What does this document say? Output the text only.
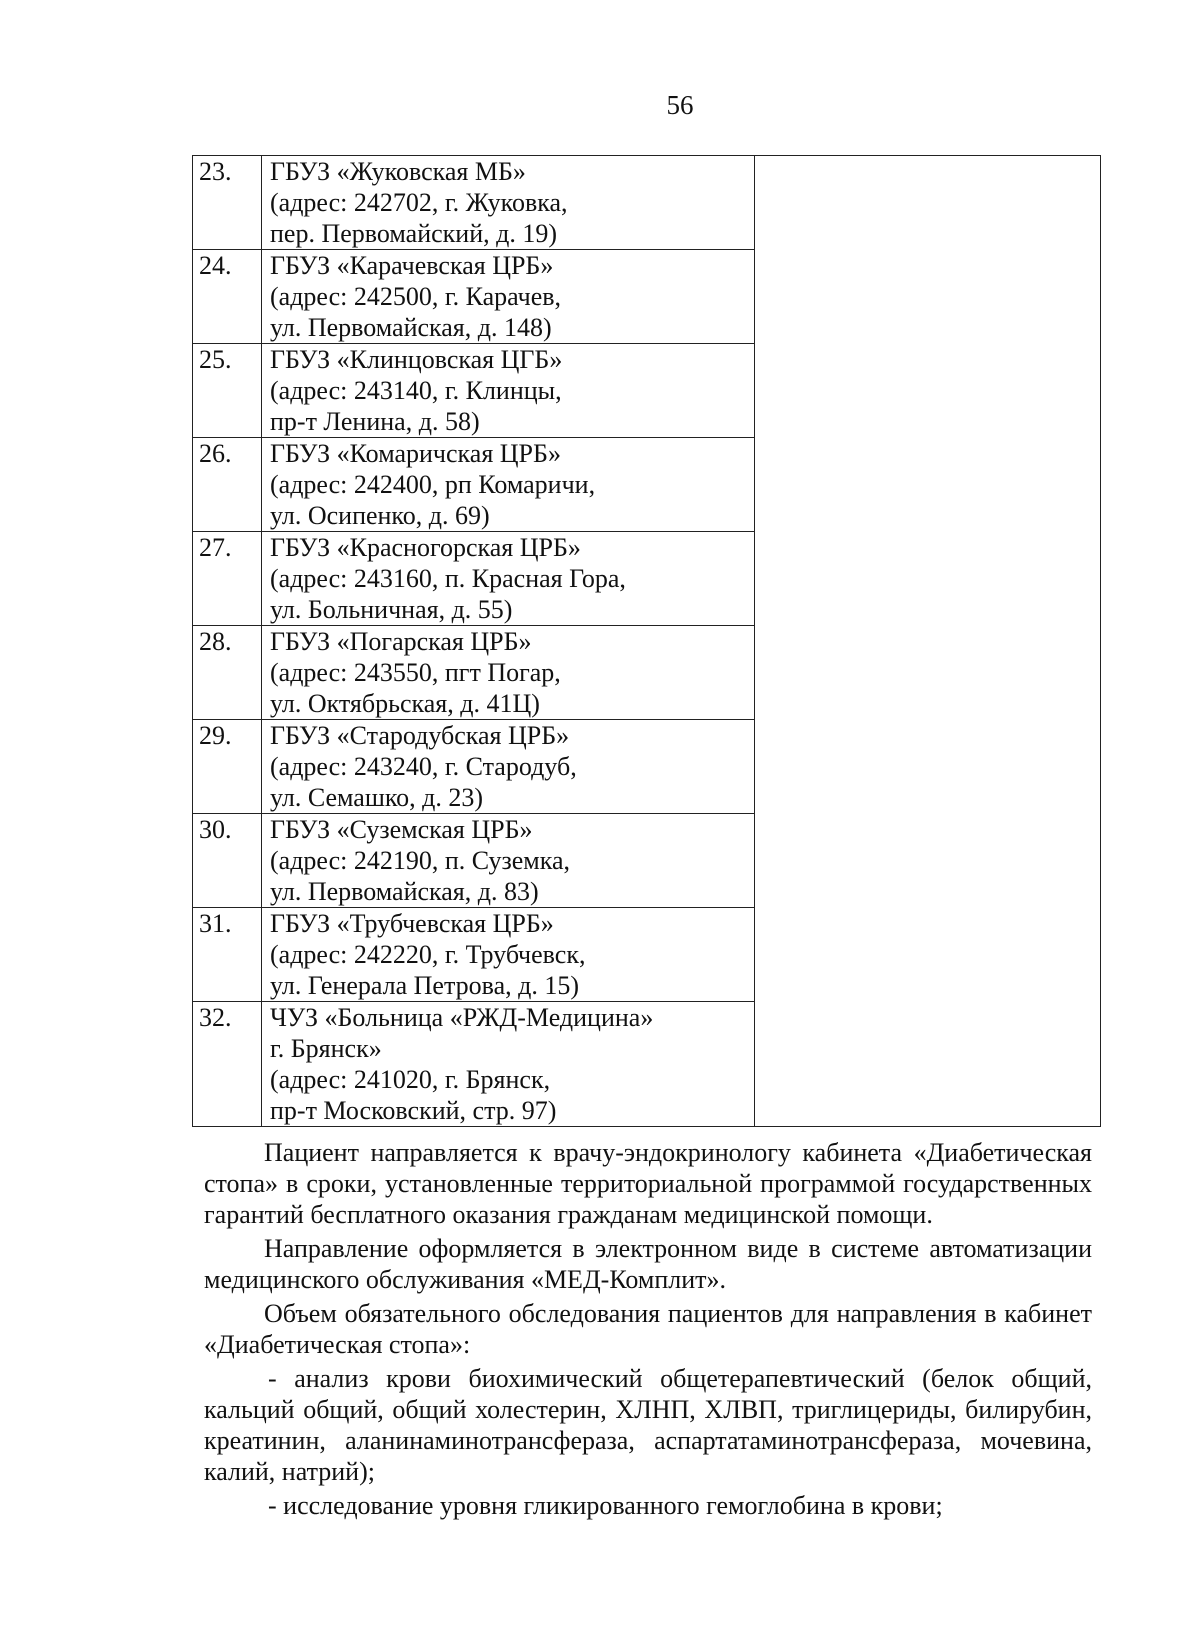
56
23.	ГБУЗ «Жуковская МБ»
(адрес: 242702, г. Жуковка,
пер. Первомайский, д. 19)	

24.	ГБУЗ «Карачевская ЦРБ»
(адрес: 242500, г. Карачев,
ул. Первомайская, д. 148)	

25.	ГБУЗ «Клинцовская ЦГБ»
(адрес: 243140, г. Клинцы,
пр-т Ленина, д. 58)	

26.	ГБУЗ «Комаричская ЦРБ»
(адрес: 242400, рп Комаричи,
ул. Осипенко, д. 69)	

27.	ГБУЗ «Красногорская ЦРБ»
(адрес: 243160, п. Красная Гора,
ул. Больничная, д. 55)	

28.	ГБУЗ «Погарская ЦРБ»
(адрес: 243550, пгт Погар,
ул. Октябрьская, д. 41Ц)	

29.	ГБУЗ «Стародубская ЦРБ»
(адрес: 243240, г. Стародуб,
ул. Семашко, д. 23)	

30.	ГБУЗ «Суземская ЦРБ»
(адрес: 242190, п. Суземка,
ул. Первомайская, д. 83)	

31.	ГБУЗ «Трубчевская ЦРБ»
(адрес: 242220, г. Трубчевск,
ул. Генерала Петрова, д. 15)	

32.	ЧУЗ «Больница «РЖД-Медицина»
г. Брянск»
(адрес: 241020, г. Брянск,
пр-т Московский, стр. 97)	

Пациент направляется к врачу-эндокринологу кабинета «Диабетическая стопа» в сроки, установленные территориальной программой государственных гарантий бесплатного оказания гражданам медицинской помощи.

Направление оформляется в электронном виде в системе автоматизации медицинского обслуживания «МЕД-Комплит».

Объем обязательного обследования пациентов для направления в кабинет «Диабетическая стопа»:

- анализ крови биохимический общетерапевтический (белок общий, кальций общий, общий холестерин, ХЛНП, ХЛВП, триглицериды, билирубин, креатинин, аланинаминотрансфераза, аспартатаминотрансфераза, мочевина, калий, натрий);

- исследование уровня гликированного гемоглобина в крови;
